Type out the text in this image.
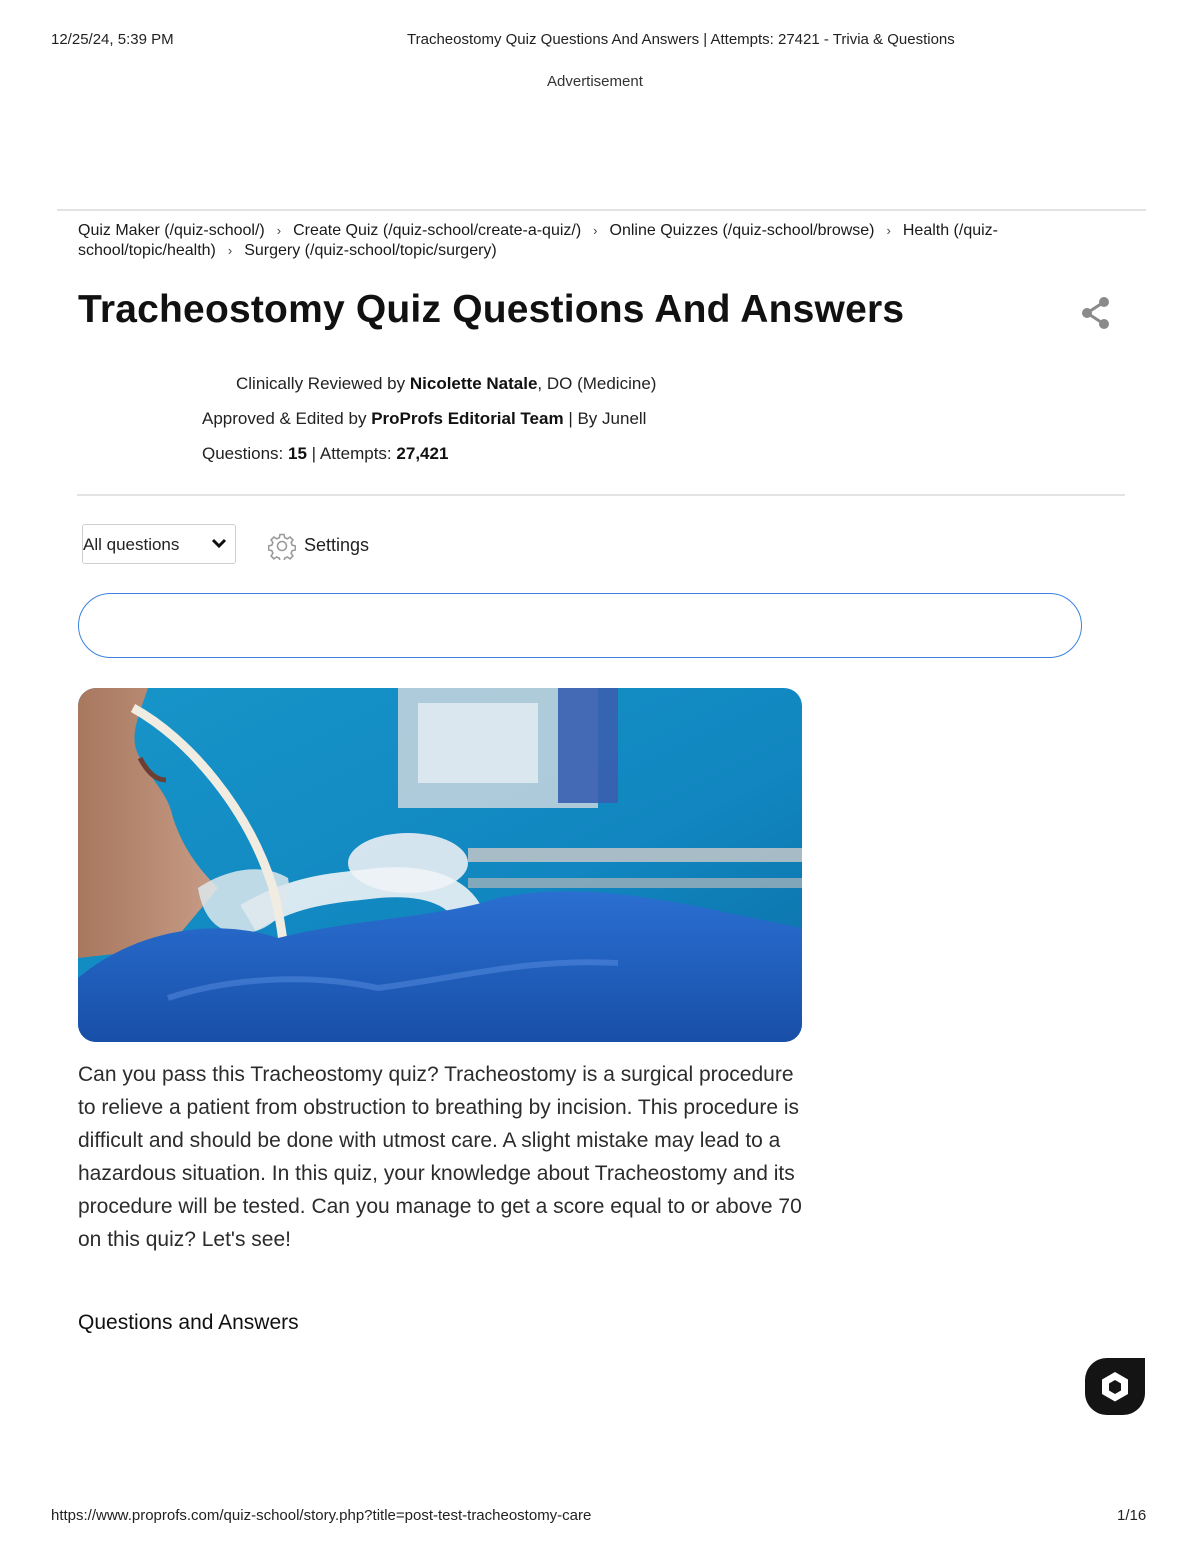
12/25/24, 5:39 PM	Tracheostomy Quiz Questions And Answers | Attempts: 27421 - Trivia & Questions
Advertisement
Quiz Maker (/quiz-school/) › Create Quiz (/quiz-school/create-a-quiz/) › Online Quizzes (/quiz-school/browse) › Health (/quiz-school/topic/health) › Surgery (/quiz-school/topic/surgery)
Tracheostomy Quiz Questions And Answers
Clinically Reviewed by Nicolette Natale, DO (Medicine)
Approved & Edited by ProProfs Editorial Team | By Junell
Questions: 15 | Attempts: 27,421
All questions	Settings
Can you pass this Tracheostomy quiz? Tracheostomy is a surgical procedure to relieve a patient from obstruction to breathing by incision. This procedure is difficult and should be done with utmost care. A slight mistake may lead to a hazardous situation. In this quiz, your knowledge about Tracheostomy and its procedure will be tested. Can you manage to get a score equal to or above 70 on this quiz? Let's see!
Questions and Answers
https://www.proprofs.com/quiz-school/story.php?title=post-test-tracheostomy-care	1/16
